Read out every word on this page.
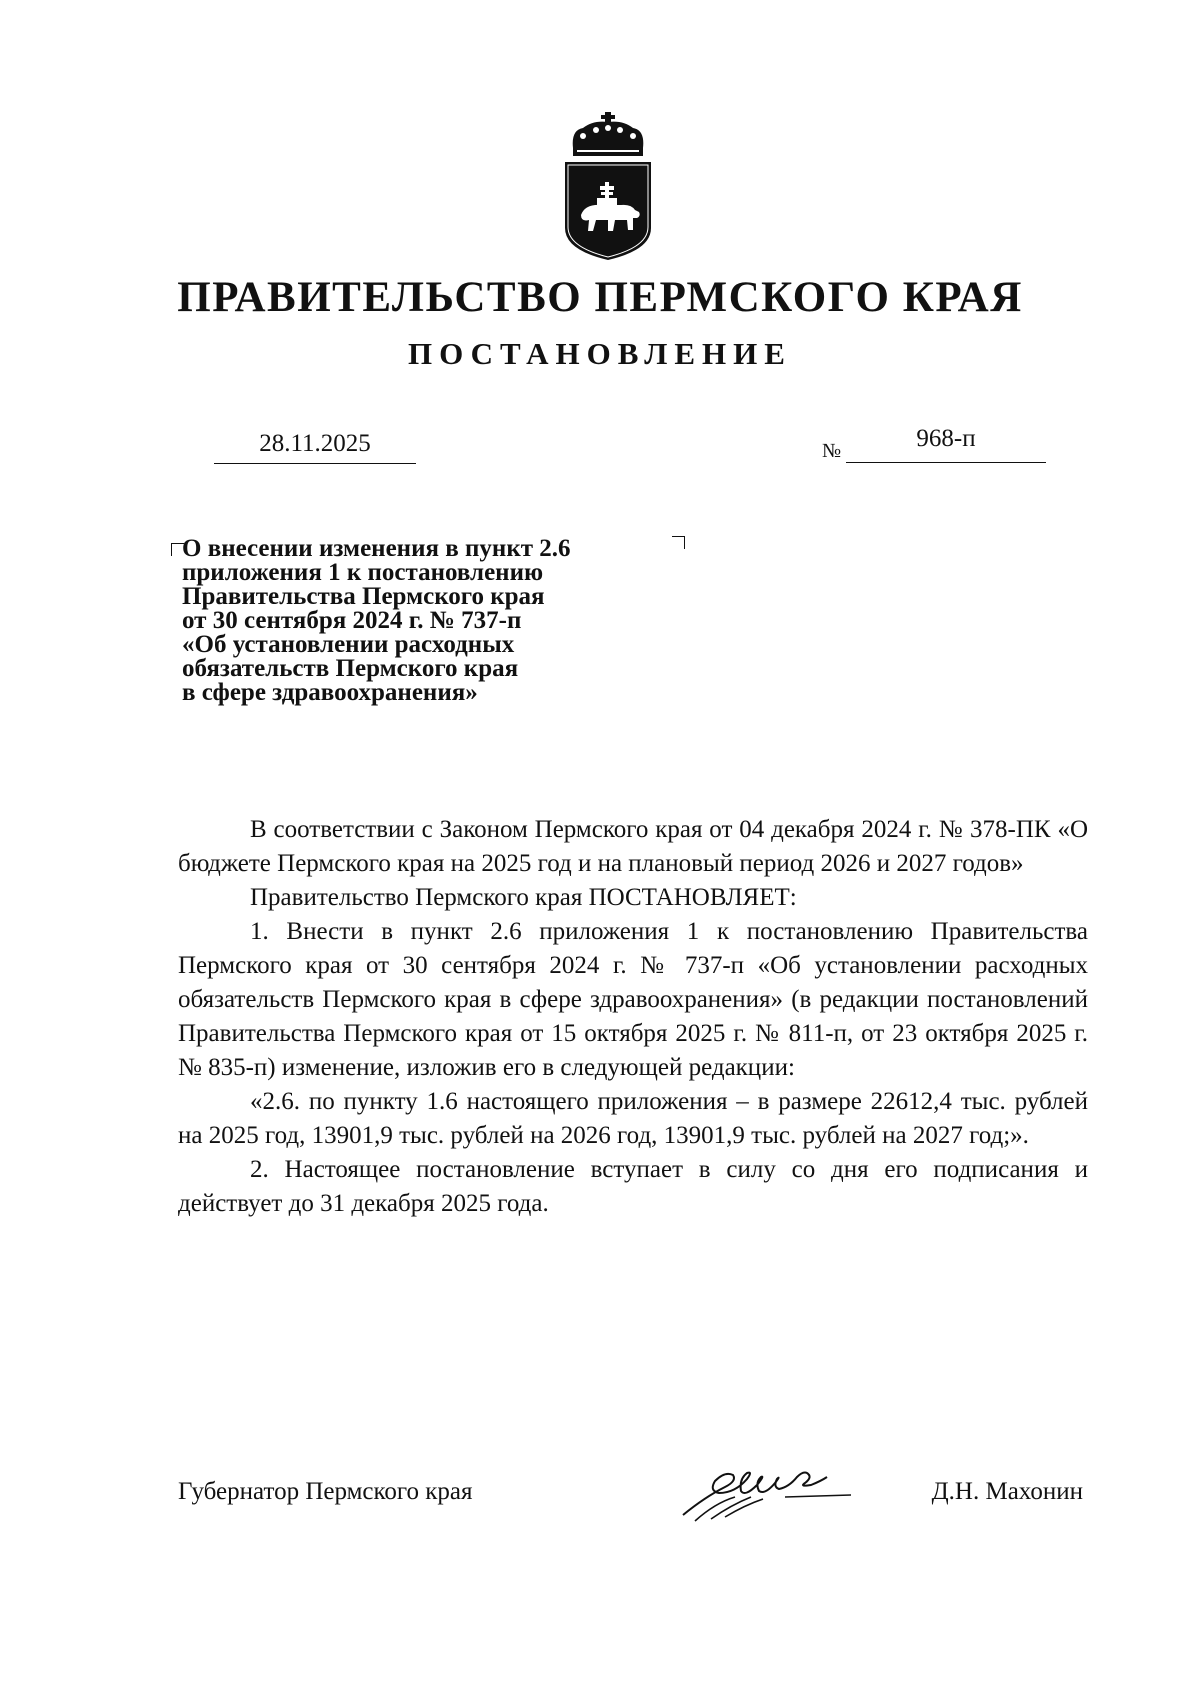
ПРАВИТЕЛЬСТВО ПЕРМСКОГО КРАЯ
ПОСТАНОВЛЕНИЕ
28.11.2025	№	968-п
О внесении изменения в пункт 2.6
приложения 1 к постановлению
Правительства Пермского края
от 30 сентября 2024 г. № 737-п
«Об установлении расходных
обязательств Пермского края
в сфере здравоохранения»

В соответствии с Законом Пермского края от 04 декабря 2024 г. № 378-ПК «О бюджете Пермского края на 2025 год и на плановый период 2026 и 2027 годов»

Правительство Пермского края ПОСТАНОВЛЯЕТ:

1. Внести в пункт 2.6 приложения 1 к постановлению Правительства Пермского края от 30 сентября 2024 г. № 737-п «Об установлении расходных обязательств Пермского края в сфере здравоохранения» (в редакции постановлений Правительства Пермского края от 15 октября 2025 г. № 811-п, от 23 октября 2025 г. № 835-п) изменение, изложив его в следующей редакции:

«2.6. по пункту 1.6 настоящего приложения – в размере 22612,4 тыс. рублей на 2025 год, 13901,9 тыс. рублей на 2026 год, 13901,9 тыс. рублей на 2027 год;».

2. Настоящее постановление вступает в силу со дня его подписания и действует до 31 декабря 2025 года.

Губернатор Пермского края	Д.Н. Махонин
